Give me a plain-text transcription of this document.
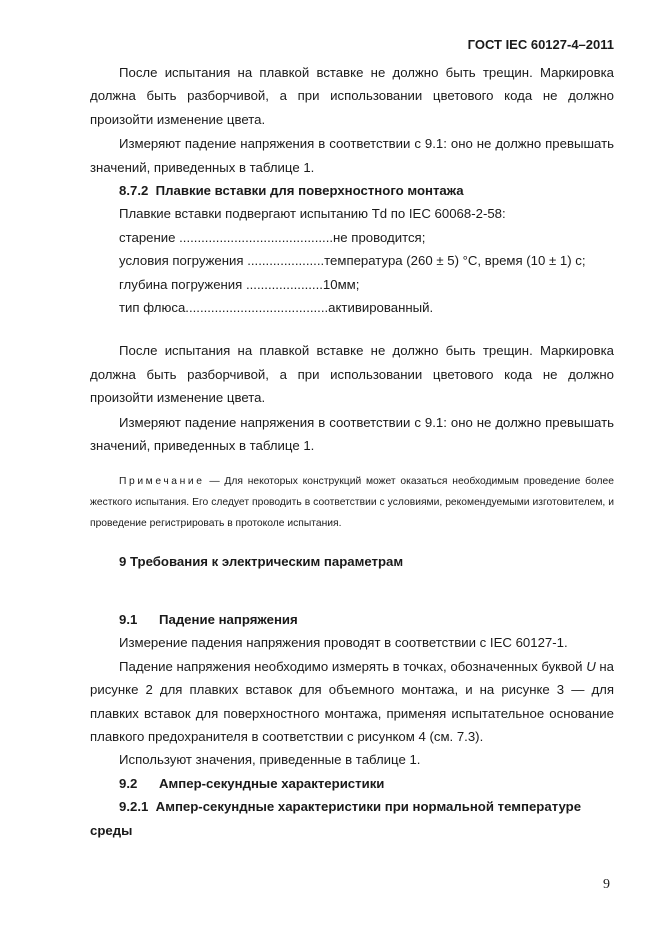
ГОСТ IEC 60127-4–2011

После испытания на плавкой вставке не должно быть трещин. Маркировка должна быть разборчивой, а при использовании цветового кода не должно произойти изменение цвета.

Измеряют падение напряжения в соответствии с 9.1: оно не должно превышать значений, приведенных в таблице 1.

8.7.2 Плавкие вставки для поверхностного монтажа

Плавкие вставки подвергают испытанию Td по IEC 60068-2-58:

старение ..........................................не проводится;

условия погружения .....................температура (260 ± 5) °С, время (10 ± 1) с;

глубина погружения .....................10мм;

тип флюса.......................................активированный.

После испытания на плавкой вставке не должно быть трещин. Маркировка должна быть разборчивой, а при использовании цветового кода не должно произойти изменение цвета.

Измеряют падение напряжения в соответствии с 9.1: оно не должно превышать значений, приведенных в таблице 1.

Примечание — Для некоторых конструкций может оказаться необходимым проведение более жесткого испытания. Его следует проводить в соответствии с условиями, рекомендуемыми изготовителем, и проведение регистрировать в протоколе испытания.

9 Требования к электрическим параметрам

9.1 Падение напряжения

Измерение падения напряжения проводят в соответствии с IEC 60127-1.

Падение напряжения необходимо измерять в точках, обозначенных буквой U на рисунке 2 для плавких вставок для объемного монтажа, и на рисунке 3 — для плавких вставок для поверхностного монтажа, применяя испытательное основание плавкого предохранителя в соответствии с рисунком 4 (см. 7.3).

Используют значения, приведенные в таблице 1.

9.2 Ампер-секундные характеристики

9.2.1 Ампер-секундные характеристики при нормальной температуре среды

9
